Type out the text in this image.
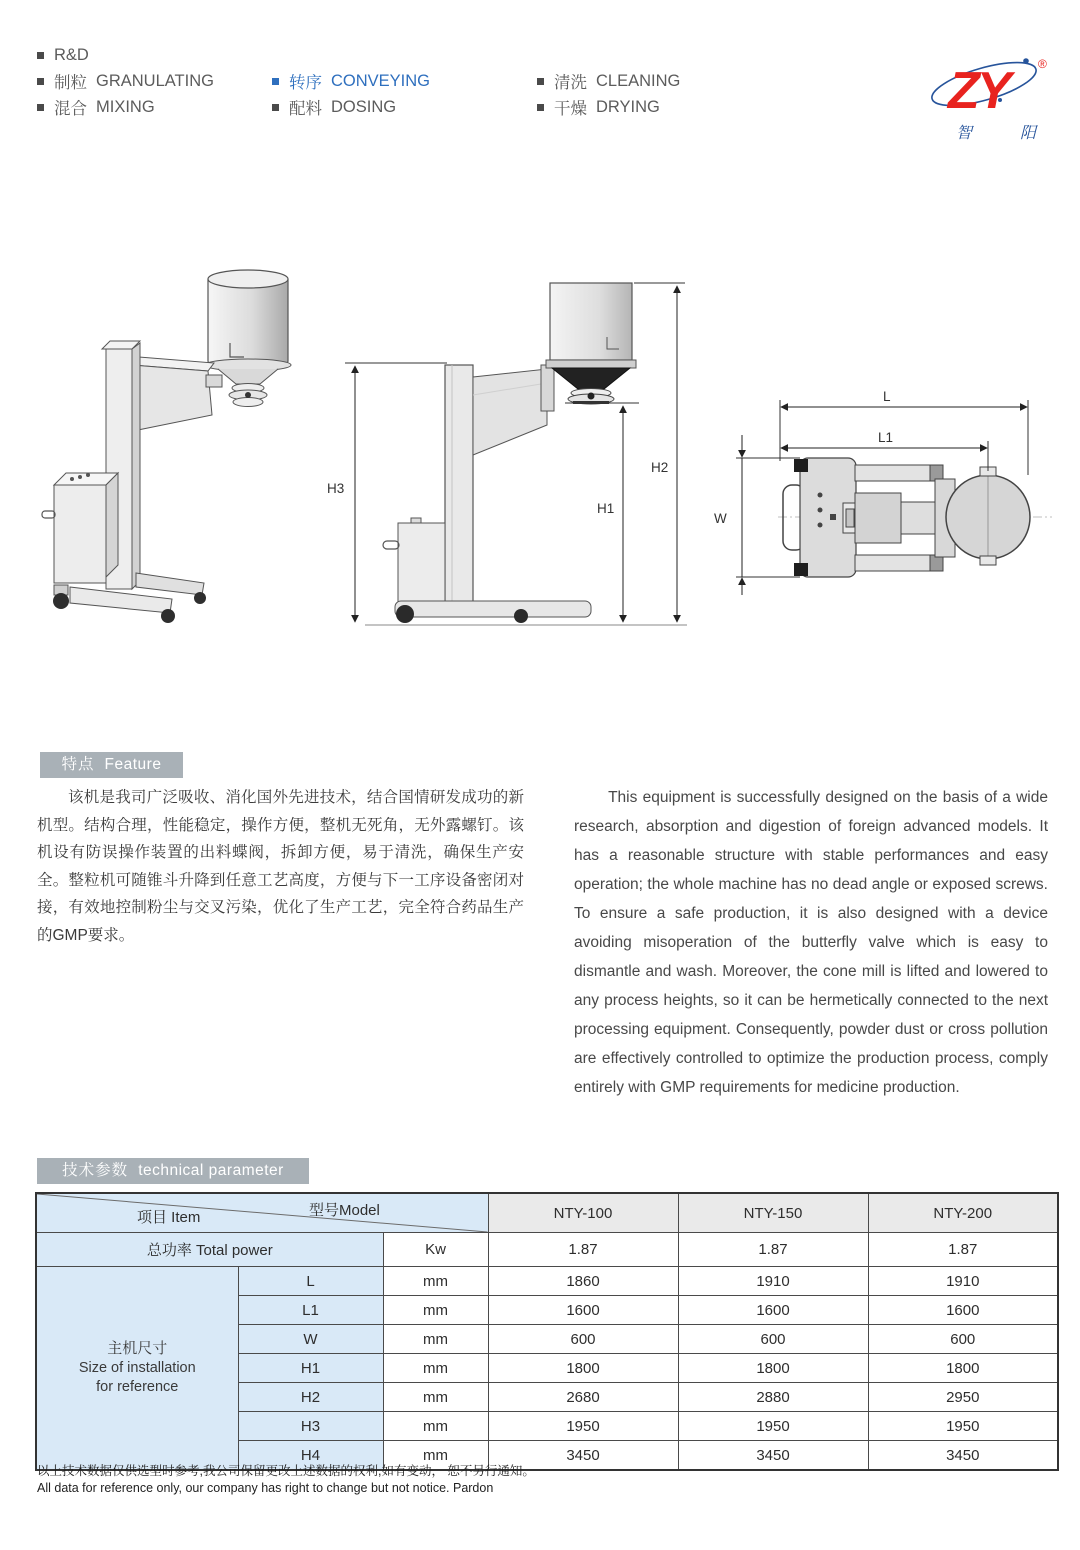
R&D
制粒 GRANULATING
混合 MIXING
转序 CONVEYING
配料 DOSING
清洗 CLEANING
干燥 DRYING	ZY	®
智 阳
H3
H1
H2
L
L1
W
特点 Feature
该机是我司广泛吸收、消化国外先进技术，结合国情研发成功的新机型。结构合理，性能稳定，操作方便，整机无死角，无外露螺钉。该机设有防误操作装置的出料蝶阀，拆卸方便，易于清洗，确保生产安全。整粒机可随锥斗升降到任意工艺高度，方便与下一工序设备密闭对接，有效地控制粉尘与交叉污染，优化了生产工艺，完全符合药品生产的GMP要求。
This equipment is successfully designed on the basis of a wide research, absorption and digestion of foreign advanced models. It has a reasonable structure with stable performances and easy operation; the whole machine has no dead angle or exposed screws. To ensure a safe production, it is also designed with a device avoiding misoperation of the butterfly valve which is easy to dismantle and wash. Moreover, the cone mill is lifted and lowered to any process heights, so it can be hermetically connected to the next processing equipment. Consequently, powder dust or cross pollution are effectively controlled to optimize the production process, comply entirely with GMP requirements for medicine production.
技术参数 technical parameter
项目 Item 型号Model			NTY-100	NTY-150	NTY-200
总功率 Total power		Kw	1.87	1.87	1.87

主机尺寸
Size of installation
for reference	L	mm	1860	1910	1910
	L1	mm	1600	1600	1600
	W	mm	600	600	600
	H1	mm	1800	1800	1800
	H2	mm	2680	2880	2950
	H3	mm	1950	1950	1950
	H4	mm	3450	3450	3450
以上技术数据仅供选型时参考,我公司保留更改上述数据的权利,如有变动， 恕不另行通知。
All data for reference only, our company has right to change but not notice. Pardon
